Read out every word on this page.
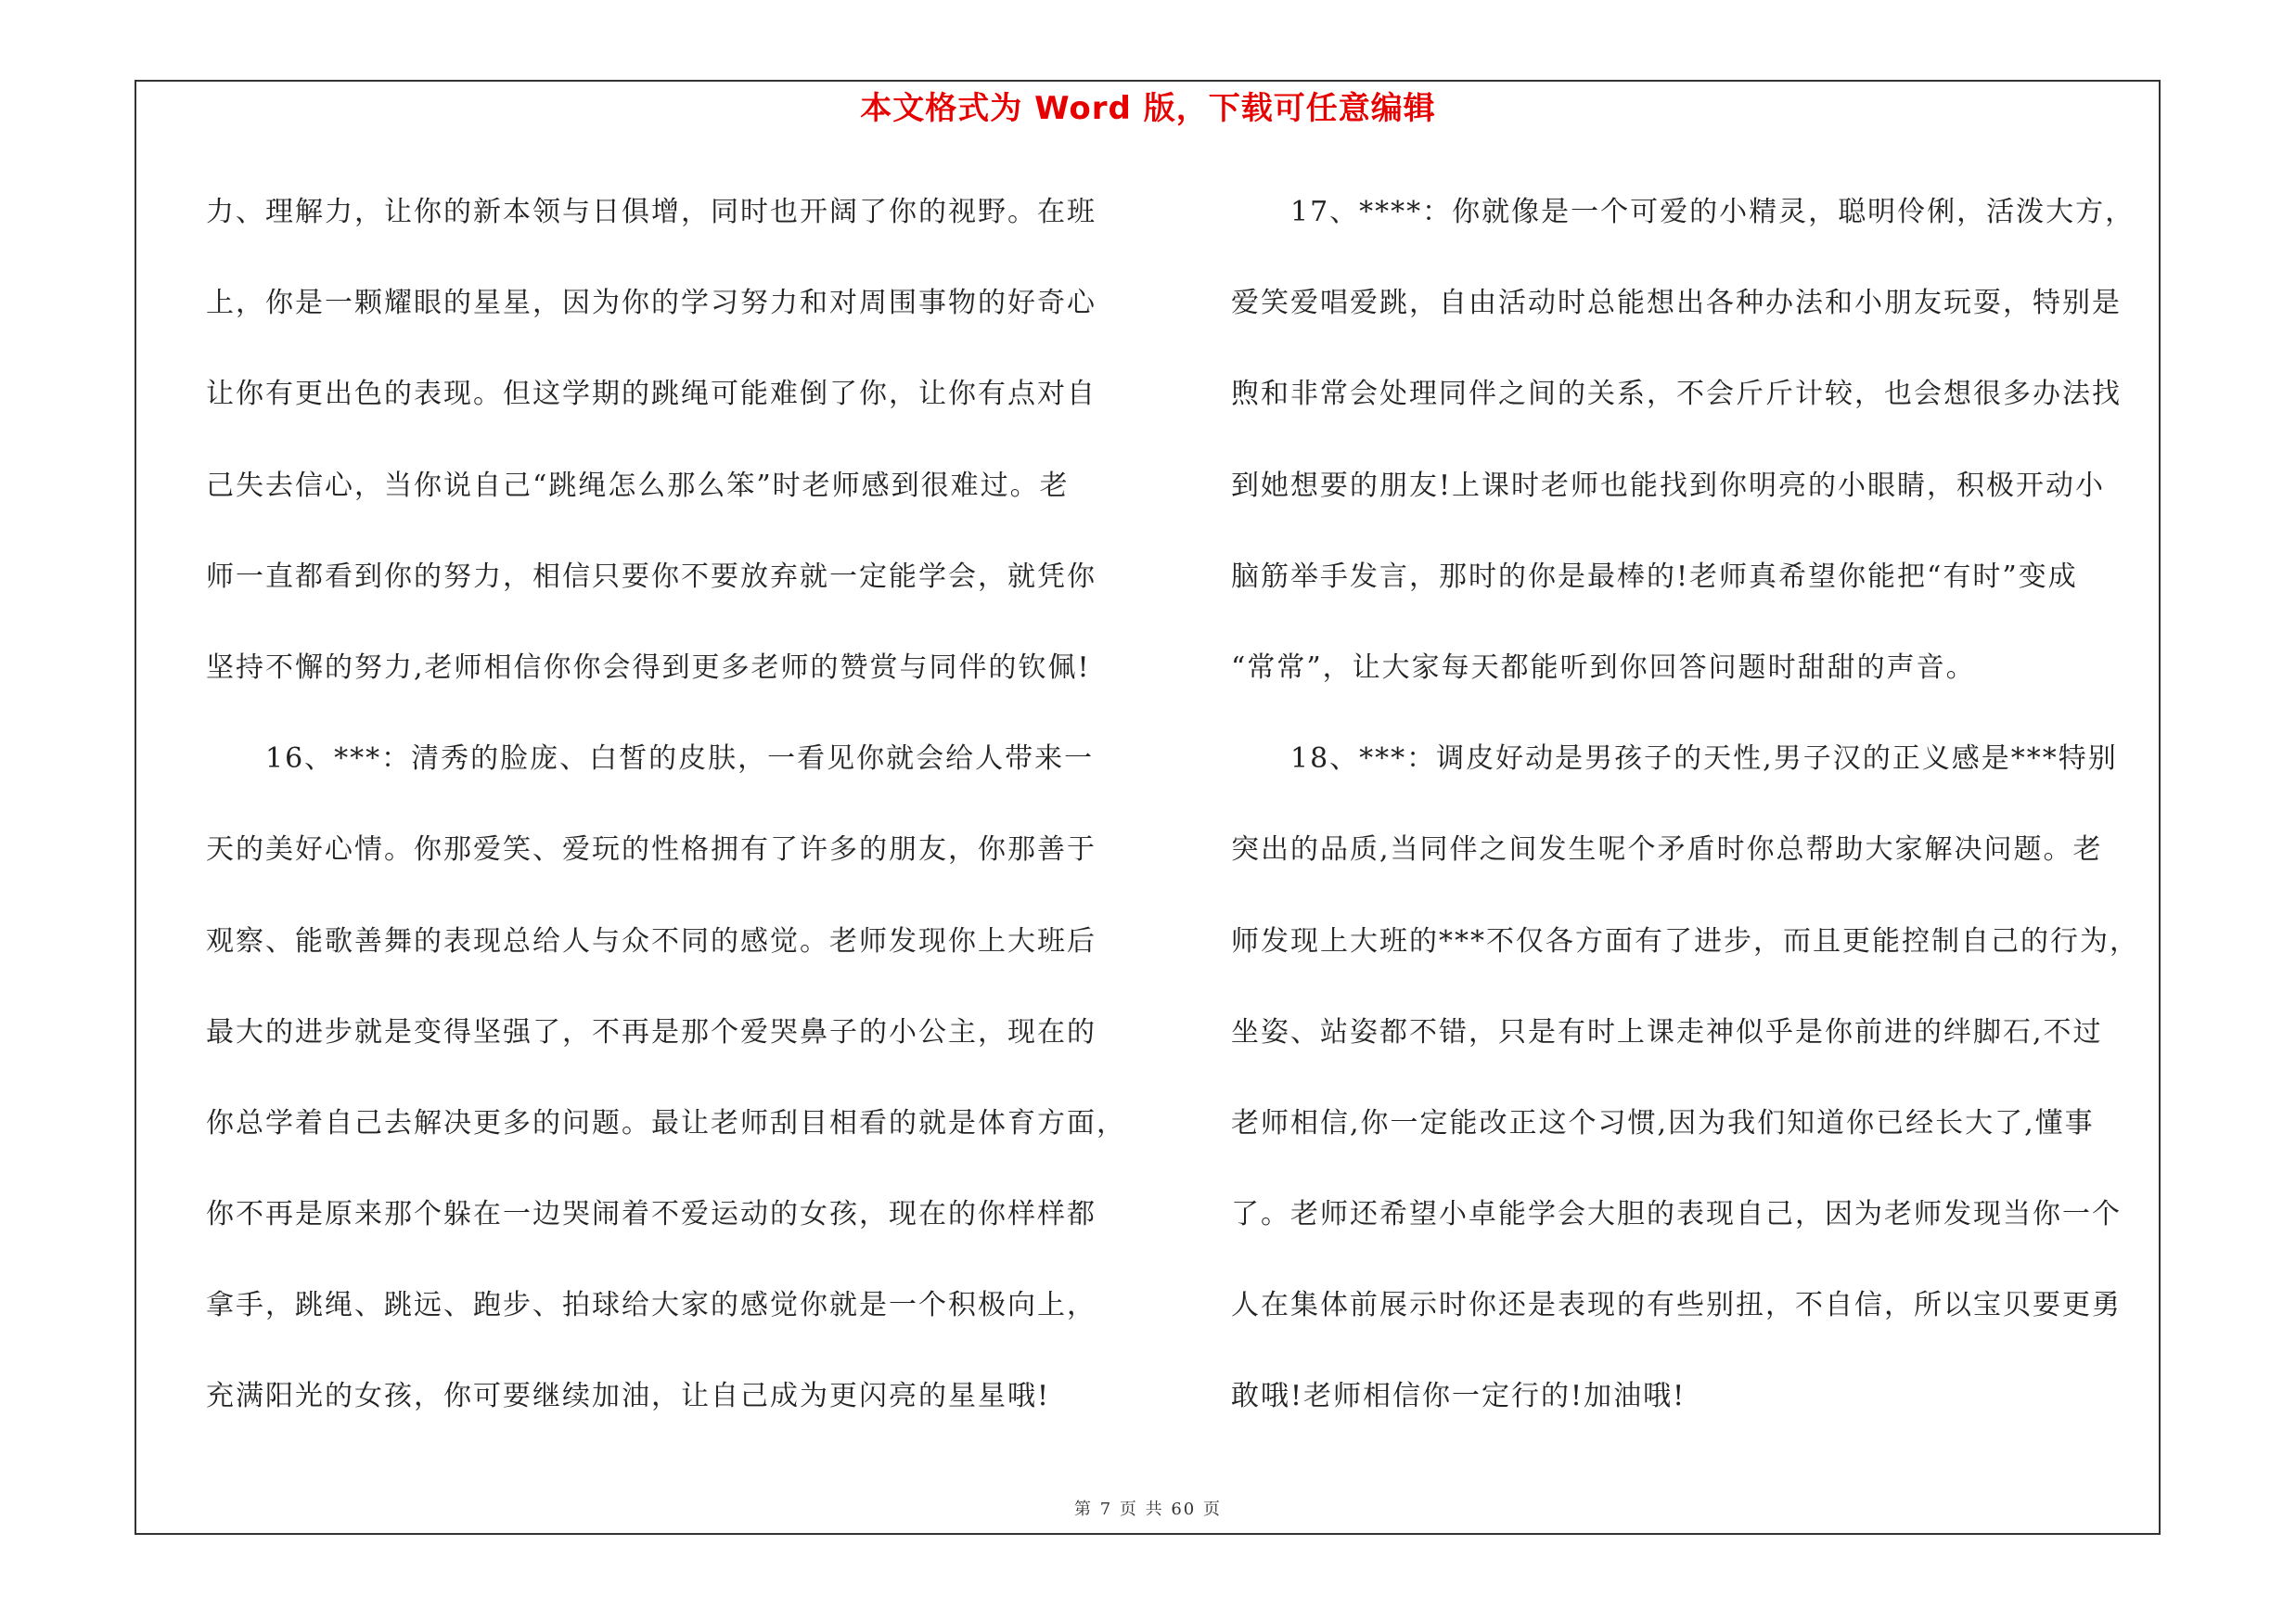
本文格式为 Word 版，下载可任意编辑
力、理解力，让你的新本领与日俱增，同时也开阔了你的视野。在班
上，你是一颗耀眼的星星，因为你的学习努力和对周围事物的好奇心
让你有更出色的表现。但这学期的跳绳可能难倒了你，让你有点对自
己失去信心，当你说自己“跳绳怎么那么笨”时老师感到很难过。老
师一直都看到你的努力，相信只要你不要放弃就一定能学会，就凭你
坚持不懈的努力,老师相信你你会得到更多老师的赞赏与同伴的钦佩!
　　16、***：清秀的脸庞、白皙的皮肤，一看见你就会给人带来一
天的美好心情。你那爱笑、爱玩的性格拥有了许多的朋友，你那善于
观察、能歌善舞的表现总给人与众不同的感觉。老师发现你上大班后
最大的进步就是变得坚强了，不再是那个爱哭鼻子的小公主，现在的
你总学着自己去解决更多的问题。最让老师刮目相看的就是体育方面，
你不再是原来那个躲在一边哭闹着不爱运动的女孩，现在的你样样都
拿手，跳绳、跳远、跑步、拍球给大家的感觉你就是一个积极向上，
充满阳光的女孩，你可要继续加油，让自己成为更闪亮的星星哦!
　　17、****：你就像是一个可爱的小精灵，聪明伶俐，活泼大方，
爱笑爱唱爱跳，自由活动时总能想出各种办法和小朋友玩耍，特别是
煦和非常会处理同伴之间的关系，不会斤斤计较，也会想很多办法找
到她想要的朋友!上课时老师也能找到你明亮的小眼睛，积极开动小
脑筋举手发言，那时的你是最棒的!老师真希望你能把“有时”变成
“常常”，让大家每天都能听到你回答问题时甜甜的声音。
　　18、***：调皮好动是男孩子的天性,男子汉的正义感是***特别
突出的品质,当同伴之间发生呢个矛盾时你总帮助大家解决问题。老
师发现上大班的***不仅各方面有了进步，而且更能控制自己的行为，
坐姿、站姿都不错，只是有时上课走神似乎是你前进的绊脚石,不过
老师相信,你一定能改正这个习惯,因为我们知道你已经长大了,懂事
了。老师还希望小卓能学会大胆的表现自己，因为老师发现当你一个
人在集体前展示时你还是表现的有些别扭，不自信，所以宝贝要更勇
敢哦!老师相信你一定行的!加油哦!
第 7 页 共 60 页
